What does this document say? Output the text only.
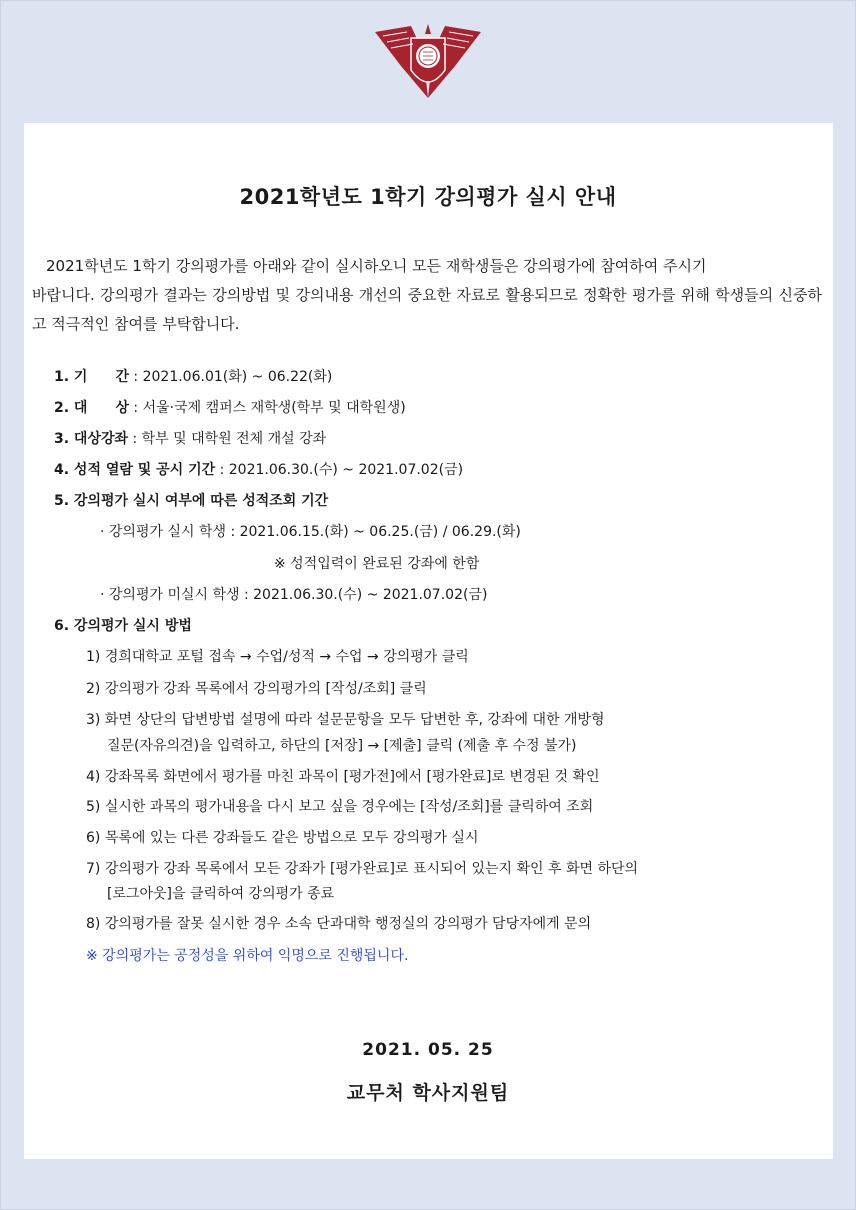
2021학년도 1학기 강의평가 실시 안내
2021학년도 1학기 강의평가를 아래와 같이 실시하오니 모든 재학생들은 강의평가에 참여하여 주시기
바랍니다. 강의평가 결과는 강의방법 및 강의내용 개선의 중요한 자료로 활용되므로 정확한 평가를 위해 학생들의 신중하고 적극적인 참여를 부탁합니다.
1. 기　　간 : 2021.06.01(화) ~ 06.22(화)
2. 대　　상 : 서울·국제 캠퍼스 재학생(학부 및 대학원생)
3. 대상강좌 : 학부 및 대학원 전체 개설 강좌
4. 성적 열람 및 공시 기간 : 2021.06.30.(수) ~ 2021.07.02(금)
5. 강의평가 실시 여부에 따른 성적조회 기간
· 강의평가 실시 학생 : 2021.06.15.(화) ~ 06.25.(금) / 06.29.(화)
※ 성적입력이 완료된 강좌에 한함
· 강의평가 미실시 학생 : 2021.06.30.(수) ~ 2021.07.02(금)
6. 강의평가 실시 방법
1) 경희대학교 포털 접속 → 수업/성적 → 수업 → 강의평가 클릭
2) 강의평가 강좌 목록에서 강의평가의 [작성/조회] 클릭
3) 화면 상단의 답변방법 설명에 따라 설문문항을 모두 답변한 후, 강좌에 대한 개방형
질문(자유의견)을 입력하고, 하단의 [저장] → [제출] 클릭 (제출 후 수정 불가)
4) 강좌목록 화면에서 평가를 마친 과목이 [평가전]에서 [평가완료]로 변경된 것 확인
5) 실시한 과목의 평가내용을 다시 보고 싶을 경우에는 [작성/조회]를 클릭하여 조회
6) 목록에 있는 다른 강좌들도 같은 방법으로 모두 강의평가 실시
7) 강의평가 강좌 목록에서 모든 강좌가 [평가완료]로 표시되어 있는지 확인 후 화면 하단의
[로그아웃]을 클릭하여 강의평가 종료
8) 강의평가를 잘못 실시한 경우 소속 단과대학 행정실의 강의평가 담당자에게 문의
※ 강의평가는 공정성을 위하여 익명으로 진행됩니다.
2021. 05. 25
교무처 학사지원팀
